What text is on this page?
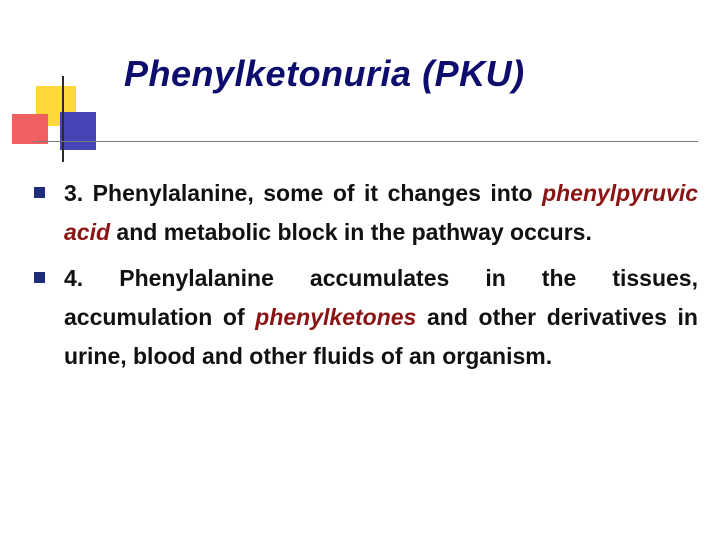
Phenylketonuria (PKU)

3. Phenylalanine, some of it changes into phenylpyruvic acid and metabolic block in the pathway occurs.

4. Phenylalanine accumulates in the tissues, accumulation of phenylketones and other derivatives in urine, blood and other fluids of an organism.
